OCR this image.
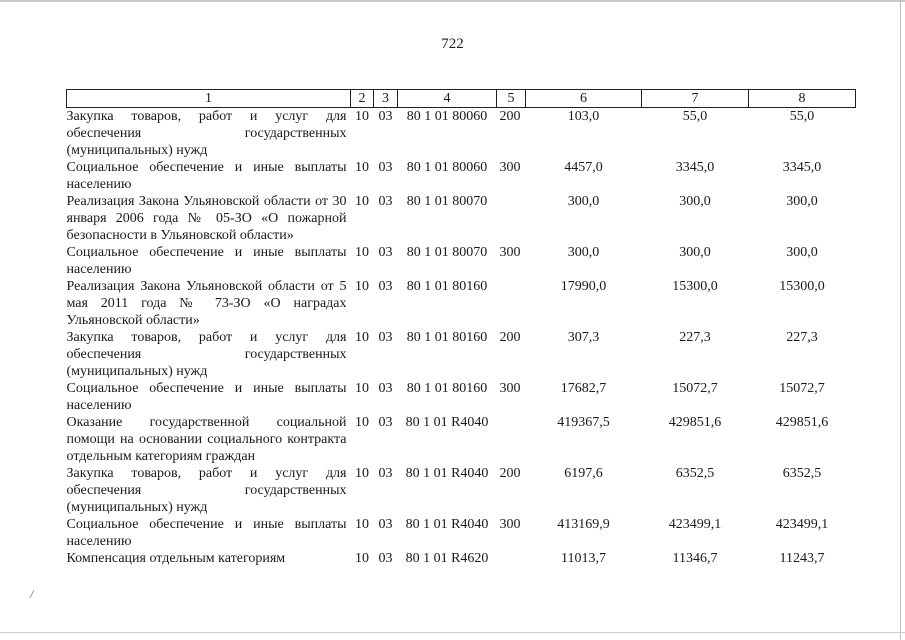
722
1	2	3	4	5	6	7	8
Закупка товаров, работ и услуг для обеспечения государственных (муниципальных) нужд	10	03	80 1 01 80060	200	103,0	55,0	55,0
Социальное обеспечение и иные выплаты населению	10	03	80 1 01 80060	300	4457,0	3345,0	3345,0
Реализация Закона Ульяновской области от 30 января 2006 года № 05-ЗО «О пожарной безопасности в Ульяновской области»	10	03	80 1 01 80070		300,0	300,0	300,0
Социальное обеспечение и иные выплаты населению	10	03	80 1 01 80070	300	300,0	300,0	300,0
Реализация Закона Ульяновской области от 5 мая 2011 года № 73-ЗО «О наградах Ульяновской области»	10	03	80 1 01 80160		17990,0	15300,0	15300,0
Закупка товаров, работ и услуг для обеспечения государственных (муниципальных) нужд	10	03	80 1 01 80160	200	307,3	227,3	227,3
Социальное обеспечение и иные выплаты населению	10	03	80 1 01 80160	300	17682,7	15072,7	15072,7
Оказание государственной социальной помощи на основании социального контракта отдельным категориям граждан	10	03	80 1 01 R4040		419367,5	429851,6	429851,6
Закупка товаров, работ и услуг для обеспечения государственных (муниципальных) нужд	10	03	80 1 01 R4040	200	6197,6	6352,5	6352,5
Социальное обеспечение и иные выплаты населению	10	03	80 1 01 R4040	300	413169,9	423499,1	423499,1
Компенсация отдельным категориям	10	03	80 1 01 R4620		11013,7	11346,7	11243,7
/
